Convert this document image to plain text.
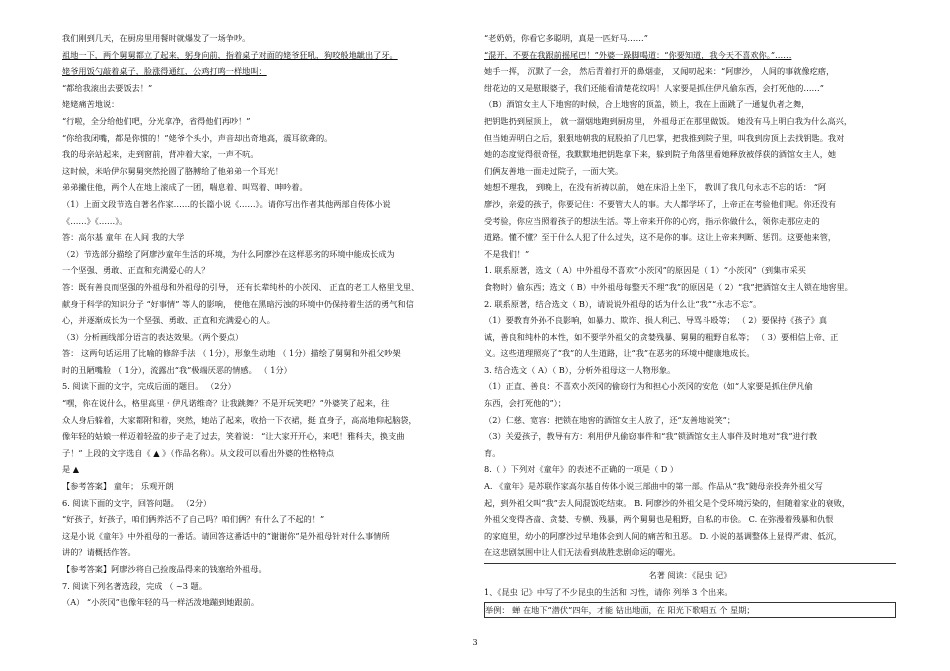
我们刚到几天，在厨房里用餐时就爆发了一场争吵。
祖地一下，两个舅舅都立了起来，躬身向前，指着桌子对面的姥爷狂吼，狗咬般地龇出了牙。
姥爷用饭勺敲着桌子，脸涨得通红，公鸡打鸣一样地叫：
“都给我滚出去要饭去！”
姥姥痛苦地说：
“行啦，全分给他们吧，分光拿净，省得他们再吵！”
“你给我闭嘴，都是你惯的！”姥爷个头小，声音却出奇地高，震耳欲聋的。
我的母亲站起来，走到窗前，背冲着大家，一声不吭。
这时候，米哈伊尔舅舅突然抡圆了胳膊给了他弟弟一个耳光！
弟弟撇住他，两个人在地上滚成了一团，喘息着、叫骂着、呻吟着。
（1）上面文段节选自著名作家……的长篇小说《……》。请你写出作者其他两部自传体小说
《……》《……》。
答：高尔基 童年 在人间 我的大学
（2）节选部分描绘了阿廖沙童年生活的环境，为什么阿廖沙在这样恶劣的环境中能成长成为
一个坚强、勇敢、正直和充满爱心的人？
答：既有善良而坚强的外祖母和外祖母的引导， 还有长辈纯朴的小茨冈、 正直的老工人格里戈里、
献身于科学的知识分子 “好事情” 等人的影响， 使他在黑暗污浊的环境中仍保持着生活的勇气和信
心，并逐渐成长为一个坚强、勇敢、正直和充满爱心的人。
（3）分析画线部分语言的表达效果。（两个要点）
答： 这两句话运用了比喻的修辞手法 （ 1分），形象生动地 （ 1分）描绘了舅舅和外祖父吵架
时的丑陋嘴脸 （ 1分），流露出“我”极端厌恶的情感。 （ 1分）
5. 阅读下面的文字，完成后面的题目。 （2分）
“嘿，你在说什么，格里高里 · 伊凡诺维奇？让我跳舞？不是开玩笑吧？”外婆笑了起来，往
众人身后躲着，大家都附和着，突然，她站了起来，收拾一下衣裙，挺 直身子，高高地仰起脑袋，
像年轻的姑娘一样迈着轻盈的步子走了过去，笑着说： “让大家开开心，来吧！雅科夫，换支曲
子！” 上段的文字选自《 ▲ 》（作品名称）。从文段可以看出外婆的性格特点
是 ▲
【参考答案】 童年； 乐观开朗
6. 阅读下面的文字，回答问题。 （2分）
“好孩子，好孩子，咱们俩养活不了自己吗？咱们俩？有什么了不起的！”
这是小说《童年》中外祖母的一番话。请回答这番话中的“谢谢你”是外祖母针对什么事情所
讲的？请概括作答。
【参考答案】阿廖沙将自己捡废品得来的钱塞给外祖母。
7. 阅读下列名著选段，完成 （ ~3 题。
（A） “小茨冈”也像年轻的马一样活泼地蹦到她跟前。
“老奶奶，你看它多聪明，真是一匹好马……”
“混开，不要在我跟前摇尾巴！”外婆一跺脚喝道：“你要知道，我今天不喜欢你。”……
她手一挥， 沉默了一会， 然后青着打开的鼻烟壶， 又闻叨起来：“阿廖沙， 人间的事就像疙瘩，
绀花边的又是慰眼婆子，我们还能看清楚花纹吗！人家要是抓住伊凡偷东西，会打死他的……”
（B）酒馆女主人下地窖的时候，合上地窖的顶盖，锁上，我在上面跳了一通复仇者之舞，
把钥匙扔到屋顶上， 就一溜烟地跑到厨房里， 外祖母正在那里做饭。 她没有马上明白我为什么高兴，
但当她弄明白之后，狠狠地朝我的屁股拍了几巴掌，把我推到院子里，叫我到房顶上去找钥匙。我对
她的态度觉得很奇怪，我默默地把钥匙拿下来，躲到院子角落里看她释放被俘获的酒馆女主人，她
们俩友善地一面走过院子，一面大笑。
她想不理我， 到晚上，在没有祈祷以前， 她在床沿上坐下， 教训了我几句永志不忘的话： “阿
廖沙，亲爱的孩子，你要记住：不要管大人的事。大人都学坏了，上帝正在考验他们呢。你还没有
受考验，你应当照着孩子的想法生活。等上帝来开你的心窍，指示你做什么，领你走那应走的
道路。懂不懂？至于什么人犯了什么过失，这不是你的事。这让上帝来判断、惩罚。这要他来管，
不是我们！”
1. 联系原著，选文（ A）中外祖母不喜欢“小茨冈”的原因是（ 1）“小茨冈”（到集市采买
食物时）偷东西；选文（ B）中外祖母每整天不理“我”的原因是（ 2）“我”把酒馆女主人锁在地窖里。
2. 联系原著，结合选文（ B），请说说外祖母的话为什么让“我”“永志不忘”。
（1）要教育外孙不良影响，如暴力、欺诈、损人利己、导骂斗殴等； （ 2）要保持《孩子》真
诚，善良和纯朴的本性，如不要学外祖父的贪婪残暴、舅舅的粗野自私等； （ 3）要相信上帝、正
义。这些道理照亮了“我”的人生道路，让“我”在恶劣的环境中健康地成长。
3. 结合选文（ A）（ B），分析外祖母这一人物形象。
（1）正直、善良：不喜欢小茨冈的偷窃行为和担心小茨冈的安危（如“人家要是抓住伊凡偷
东西，会打死他的”）；
（2）仁慈、宽容：把锁在地窖的酒馆女主人放了，还“友善地说笑”；
（3）关爱孩子，教导有方：利用伊凡偷窃事件和“我”锁酒馆女主人事件及时地对“我”进行教
育。
8.（ ）下列对《童年》的表述不正确的一项是（ D ）
A. 《童年》是苏联作家高尔基自传体小说三部曲中的第一部。作品从“我”随母亲投奔外祖父写
起，到外祖父叫“我”去人间混饭吃结束。 B. 阿廖沙的外祖父是个受环境污染的，但随着家业的衰败，
外祖父变得吝啬、贪婪、专横、残暴，两个舅舅也是粗野，自私的市侩。 C. 在弥漫着残暴和仇恨
的家庭里，幼小的阿廖沙过早地体会到人间的痛苦和丑恶。 D. 小说的基调整体上显得严肃、低沉，
在这悲剧氛围中让人们无法看到战胜悲剧命运的曙光。
名著 阅读：《昆虫 记》
1、《昆虫 记》中写了不少昆虫的生活和 习性，请你 列举 3 个出来。
举例： 蝉 在地下“潜伏”四年，才能 钻出地面，在 阳光下歌唱五 个 星期；
3
